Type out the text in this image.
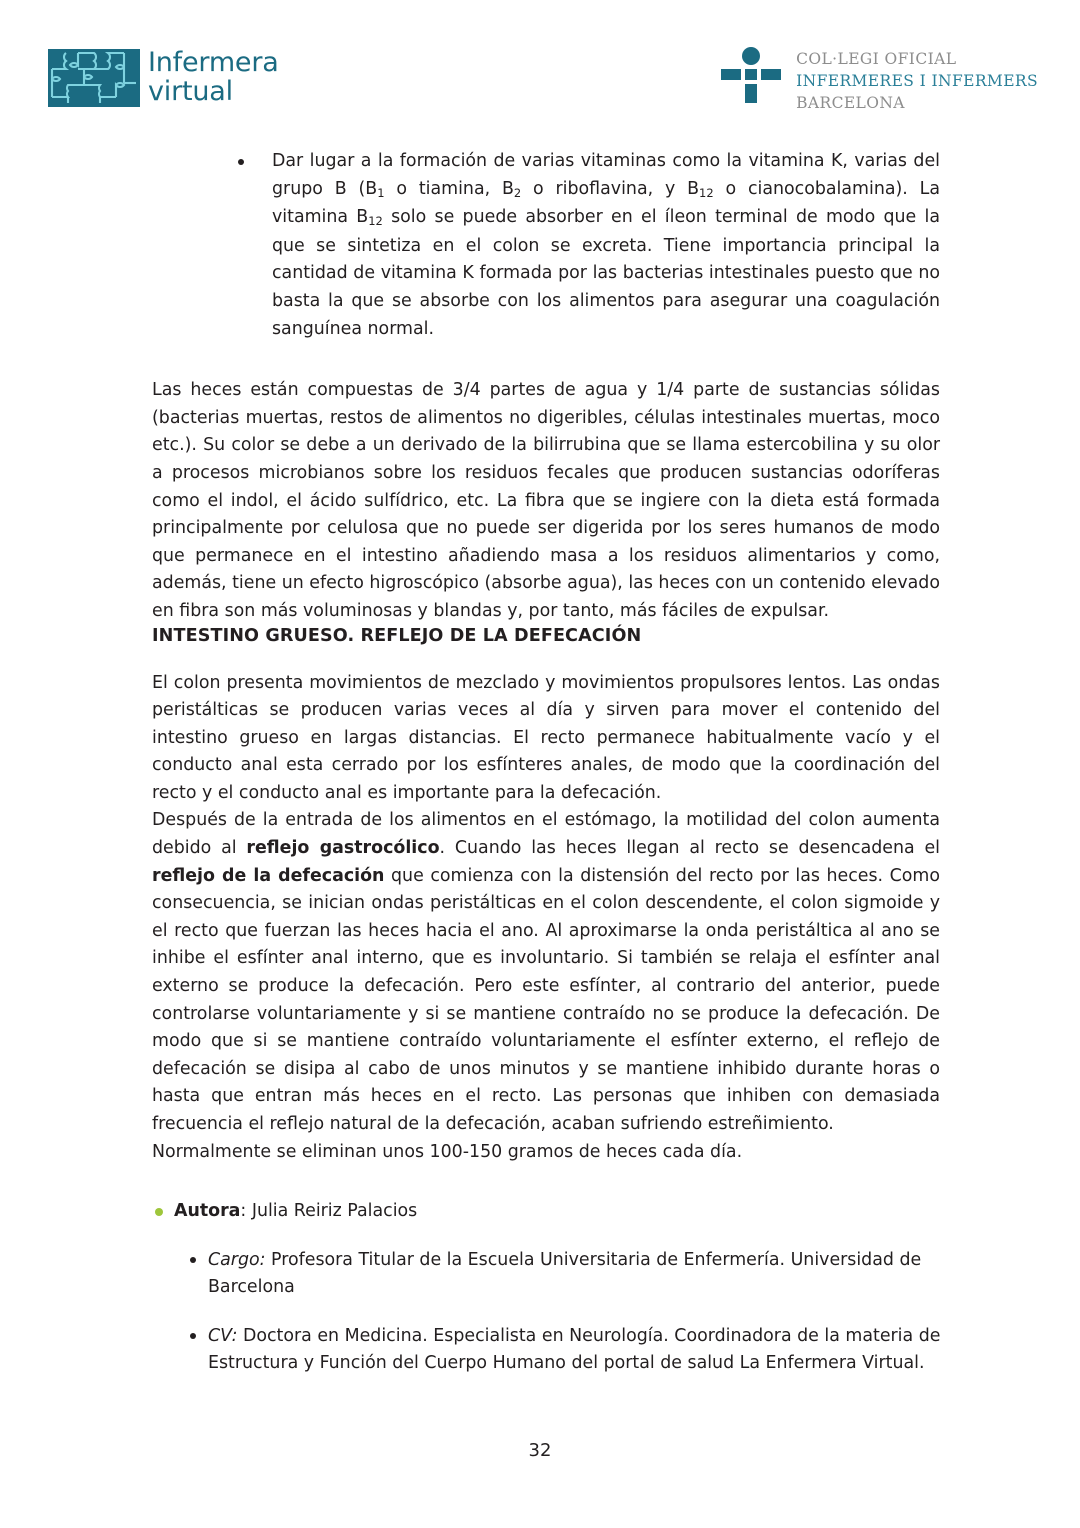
Infermera
virtual
COL·LEGI OFICIAL
INFERMERES I INFERMERS
BARCELONA
Dar lugar a la formación de varias vitaminas como la vitamina K, varias del grupo B ($B_1$ o tiamina, $B_2$ o riboflavina, y $B_{12}$ o cianocobalamina). La vitamina $B_{12}$ solo se puede absorber en el íleon terminal de modo que la que se sintetiza en el colon se excreta. Tiene importancia principal la cantidad de vitamina K formada por las bacterias intestinales puesto que no basta la que se absorbe con los alimentos para asegurar una coagulación sanguínea normal.

Las heces están compuestas de 3/4 partes de agua y 1/4 parte de sustancias sólidas (bacterias muertas, restos de alimentos no digeribles, células intestinales muertas, moco etc.). Su color se debe a un derivado de la bilirrubina que se llama estercobilina y su olor a procesos microbianos sobre los residuos fecales que producen sustancias odoríferas como el indol, el ácido sulfídrico, etc. La fibra que se ingiere con la dieta está formada principalmente por celulosa que no puede ser digerida por los seres humanos de modo que permanece en el intestino añadiendo masa a los residuos alimentarios y como, además, tiene un efecto higroscópico (absorbe agua), las heces con un contenido elevado en fibra son más voluminosas y blandas y, por tanto, más fáciles de expulsar.

INTESTINO GRUESO. REFLEJO DE LA DEFECACIÓN

El colon presenta movimientos de mezclado y movimientos propulsores lentos. Las ondas peristálticas se producen varias veces al día y sirven para mover el contenido del intestino grueso en largas distancias. El recto permanece habitualmente vacío y el conducto anal esta cerrado por los esfínteres anales, de modo que la coordinación del recto y el conducto anal es importante para la defecación.

Después de la entrada de los alimentos en el estómago, la motilidad del colon aumenta debido al reflejo gastrocólico. Cuando las heces llegan al recto se desencadena el reflejo de la defecación que comienza con la distensión del recto por las heces. Como consecuencia, se inician ondas peristálticas en el colon descendente, el colon sigmoide y el recto que fuerzan las heces hacia el ano. Al aproximarse la onda peristáltica al ano se inhibe el esfínter anal interno, que es involuntario. Si también se relaja el esfínter anal externo se produce la defecación. Pero este esfínter, al contrario del anterior, puede controlarse voluntariamente y si se mantiene contraído no se produce la defecación. De modo que si se mantiene contraído voluntariamente el esfínter externo, el reflejo de defecación se disipa al cabo de unos minutos y se mantiene inhibido durante horas o hasta que entran más heces en el recto. Las personas que inhiben con demasiada frecuencia el reflejo natural de la defecación, acaban sufriendo estreñimiento.

Normalmente se eliminan unos 100-150 gramos de heces cada día.

Autora: Julia Reiriz Palacios
Cargo: Profesora Titular de la Escuela Universitaria de Enfermería. Universidad de Barcelona
CV: Doctora en Medicina. Especialista en Neurología. Coordinadora de la materia de Estructura y Función del Cuerpo Humano del portal de salud La Enfermera Virtual.
32
